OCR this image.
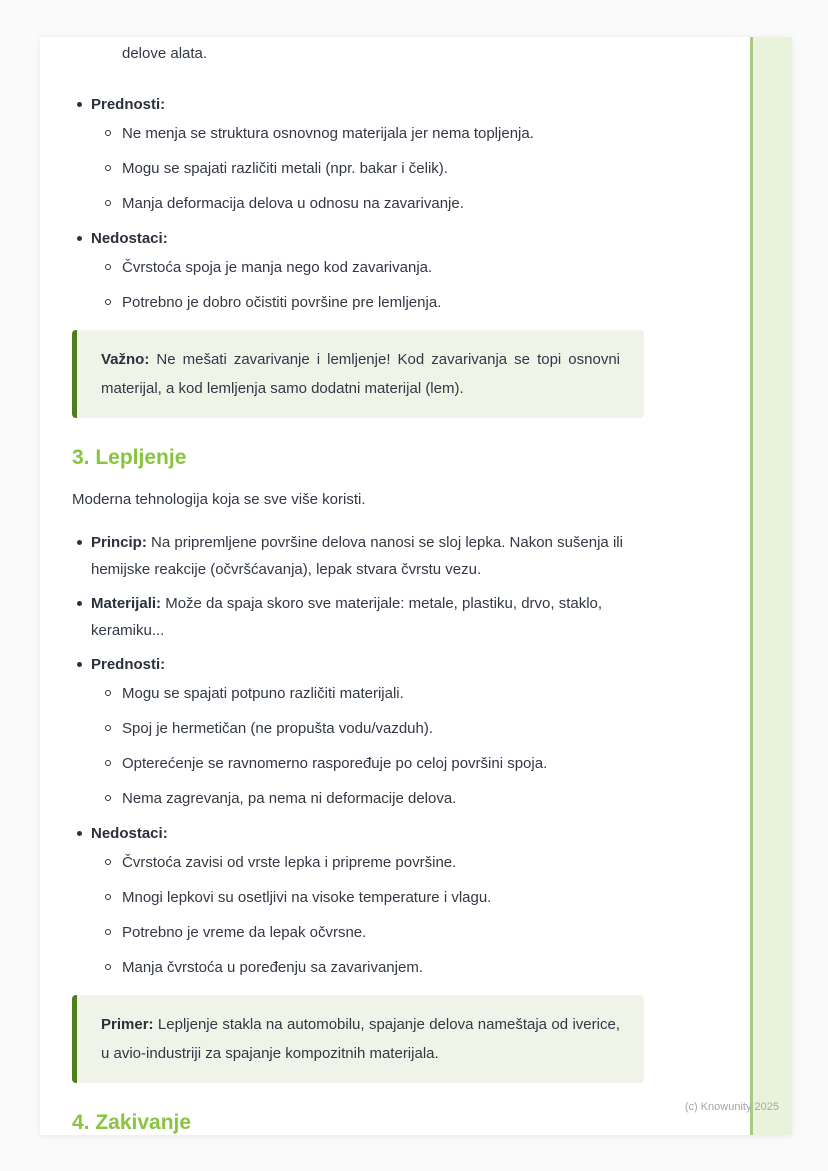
delove alata.
Prednosti:
Ne menja se struktura osnovnog materijala jer nema topljenja.
Mogu se spajati različiti metali (npr. bakar i čelik).
Manja deformacija delova u odnosu na zavarivanje.
Nedostaci:
Čvrstoća spoja je manja nego kod zavarivanja.
Potrebno je dobro očistiti površine pre lemljenja.
Važno: Ne mešati zavarivanje i lemljenje! Kod zavarivanja se topi osnovni materijal, a kod lemljenja samo dodatni materijal (lem).
3. Lepljenje

Moderna tehnologija koja se sve više koristi.

Princip: Na pripremljene površine delova nanosi se sloj lepka. Nakon sušenja ili hemijske reakcije (očvršćavanja), lepak stvara čvrstu vezu.
Materijali: Može da spaja skoro sve materijale: metale, plastiku, drvo, staklo, keramiku...
Prednosti:
Mogu se spajati potpuno različiti materijali.
Spoj je hermetičan (ne propušta vodu/vazduh).
Opterećenje se ravnomerno raspoređuje po celoj površini spoja.
Nema zagrevanja, pa nema ni deformacije delova.
Nedostaci:
Čvrstoća zavisi od vrste lepka i pripreme površine.
Mnogi lepkovi su osetljivi na visoke temperature i vlagu.
Potrebno je vreme da lepak očvrsne.
Manja čvrstoća u poređenju sa zavarivanjem.
Primer: Lepljenje stakla na automobilu, spajanje delova nameštaja od iverice, u avio-industriji za spajanje kompozitnih materijala.
4. Zakivanje
(c) Knowunity 2025
